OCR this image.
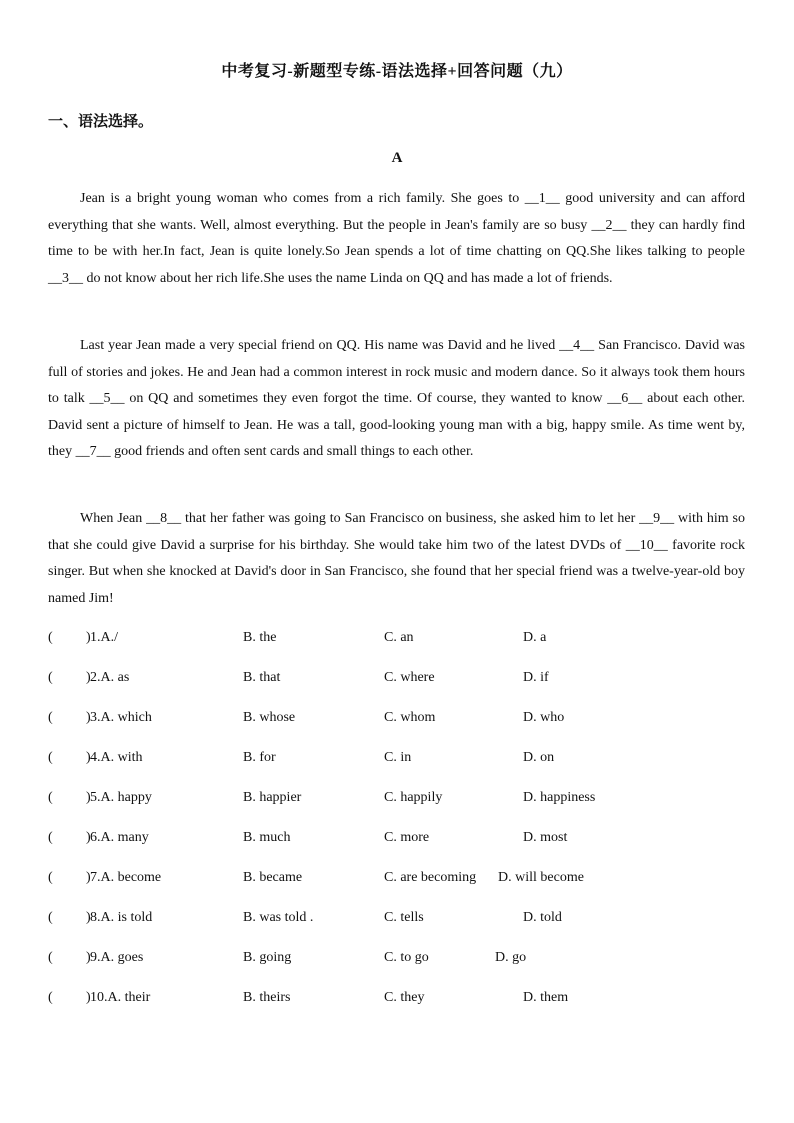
中考复习-新题型专练-语法选择+回答问题（九）
一、语法选择。
A

Jean is a bright young woman who comes from a rich family. She goes to __1__ good university and can afford everything that she wants. Well, almost everything. But the people in Jean's family are so busy __2__ they can hardly find time to be with her.In fact, Jean is quite lonely.So Jean spends a lot of time chatting on QQ.She likes talking to people __3__ do not know about her rich life.She uses the name Linda on QQ and has made a lot of friends.

Last year Jean made a very special friend on QQ. His name was David and he lived __4__ San Francisco. David was full of stories and jokes. He and Jean had a common interest in rock music and modern dance. So it always took them hours to talk __5__ on QQ and sometimes they even forgot the time. Of course, they wanted to know __6__ about each other. David sent a picture of himself to Jean. He was a tall, good-looking young man with a big, happy smile. As time went by, they __7__ good friends and often sent cards and small things to each other.

When Jean __8__ that her father was going to San Francisco on business, she asked him to let her __9__ with him so that she could give David a surprise for his birthday. She would take him two of the latest DVDs of __10__ favorite rock singer. But when she knocked at David's door in San Francisco, she found that her special friend was a twelve-year-old boy named Jim!

( ) 1.A./	B. the	C. an	D. a
( ) 2.A. as	B. that	C. where	D. if
( ) 3.A. which	B. whose	C. whom	D. who
( ) 4.A. with	B. for	C. in	D. on
( ) 5.A. happy	B. happier	C. happily	D. happiness
( ) 6.A. many	B. much	C. more	D. most
( ) 7.A. become	B. became	C. are becoming D. will become
( ) 8.A. is told	B. was told .	C. tells	D. told
( ) 9.A. goes	B. going	C. to go	D. go
( ) 10.A. their	B. theirs	C. they	D. them
